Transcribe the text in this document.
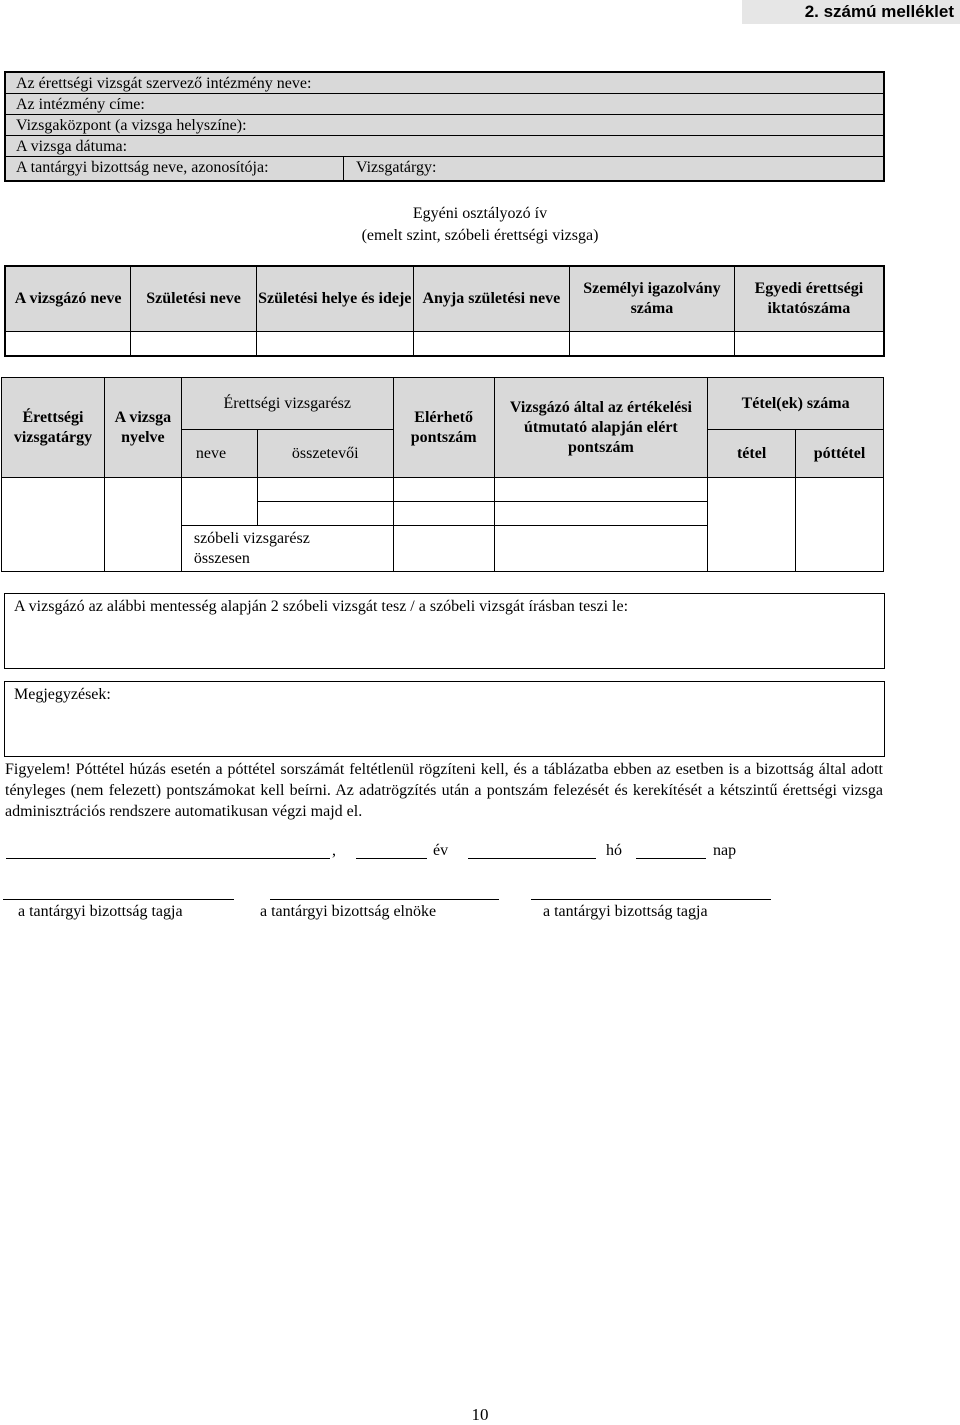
2. számú melléklet
Az érettségi vizsgát szervező intézmény neve:
Az intézmény címe:
Vizsgaközpont (a vizsga helyszíne):
A vizsga dátuma:
A tantárgyi bizottság neve, azonosítója:	Vizsgatárgy:
Egyéni osztályozó ív
(emelt szint, szóbeli érettségi vizsga)
A vizsgázó neve	Születési neve	Születési helye és ideje	Anyja születési neve	Személyi igazolvány száma	Egyedi érettségi iktatószáma

Érettségi vizsgatárgy	A vizsga nyelve	Érettségi vizsgarész		Elérhető pontszám	Vizsgázó által az értékelési útmutató alapján elért pontszám	Tétel(ek) száma	
		neve	összetevői			tétel	póttétel

		szóbeli vizsgarész összesen					
A vizsgázó az alábbi mentesség alapján 2 szóbeli vizsgát tesz / a szóbeli vizsgát írásban teszi le:
Megjegyzések:
Figyelem! Póttétel húzás esetén a póttétel sorszámát feltétlenül rögzíteni kell, és a táblázatba ebben az esetben is a bizottság által adott tényleges (nem felezett) pontszámokat kell beírni. Az adatrögzítés után a pontszám felezését és kerekítését a kétszintű érettségi vizsga adminisztrációs rendszere automatikusan végzi majd el.
,	év	hó	nap
a tantárgyi bizottság tagja	a tantárgyi bizottság elnöke	a tantárgyi bizottság tagja
10
